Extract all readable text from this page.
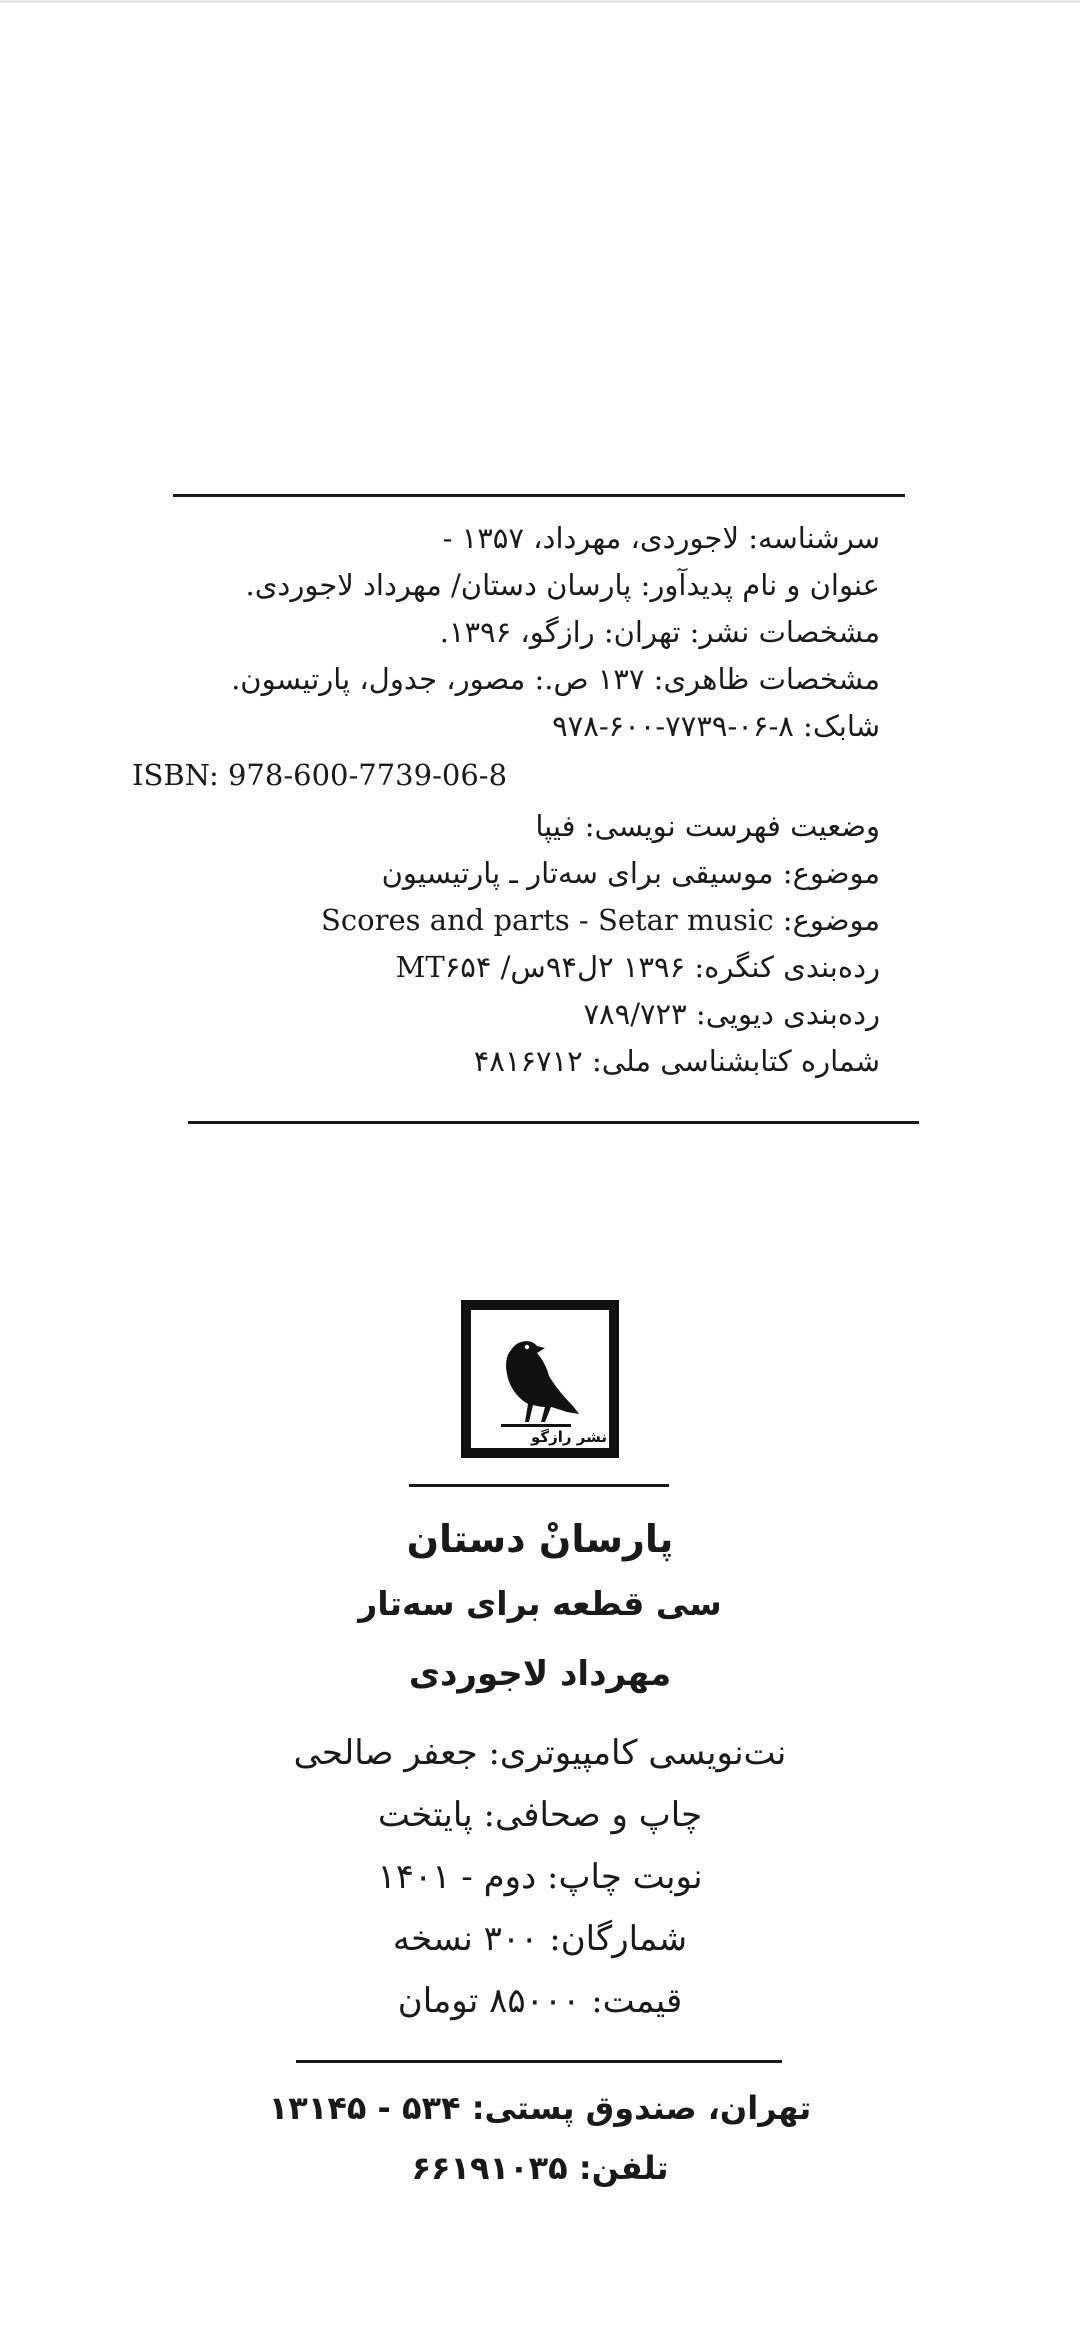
سرشناسه: لاجوردی، مهرداد، ۱۳۵۷ -
عنوان و نام پدیدآور: پارسان دستان/ مهرداد لاجوردی.
مشخصات نشر: تهران: رازگو، ۱۳۹۶.
مشخصات ظاهری: ۱۳۷ ص.: مصور، جدول، پارتیسون.
شابک: ۸-۰۶-۷۷۳۹-۶۰۰-۹۷۸
ISBN: 978-600-7739-06-8
وضعیت فهرست نویسی: فیپا
موضوع: موسیقی برای سه‌تار ـ پارتیسیون
موضوع: Scores and parts - Setar music
رده‌بندی کنگره: ۱۳۹۶ ۲ل۹۴س/ MT۶۵۴
رده‌بندی دیویی: ۷۸۹/۷۲۳
شماره کتابشناسی ملی: ۴۸۱۶۷۱۲
نشر رازگو
پارسانْ دستان
سی قطعه برای سه‌تار
مهرداد لاجوردی
نت‌نویسی کامپیوتری: جعفر صالحی
چاپ و صحافی: پایتخت
نوبت چاپ: دوم - ۱۴۰۱
شمارگان: ۳۰۰ نسخه
قیمت: ۸۵۰۰۰ تومان
تهران، صندوق پستی: ۵۳۴ - ۱۳۱۴۵
تلفن: ۶۶۱۹۱۰۳۵
